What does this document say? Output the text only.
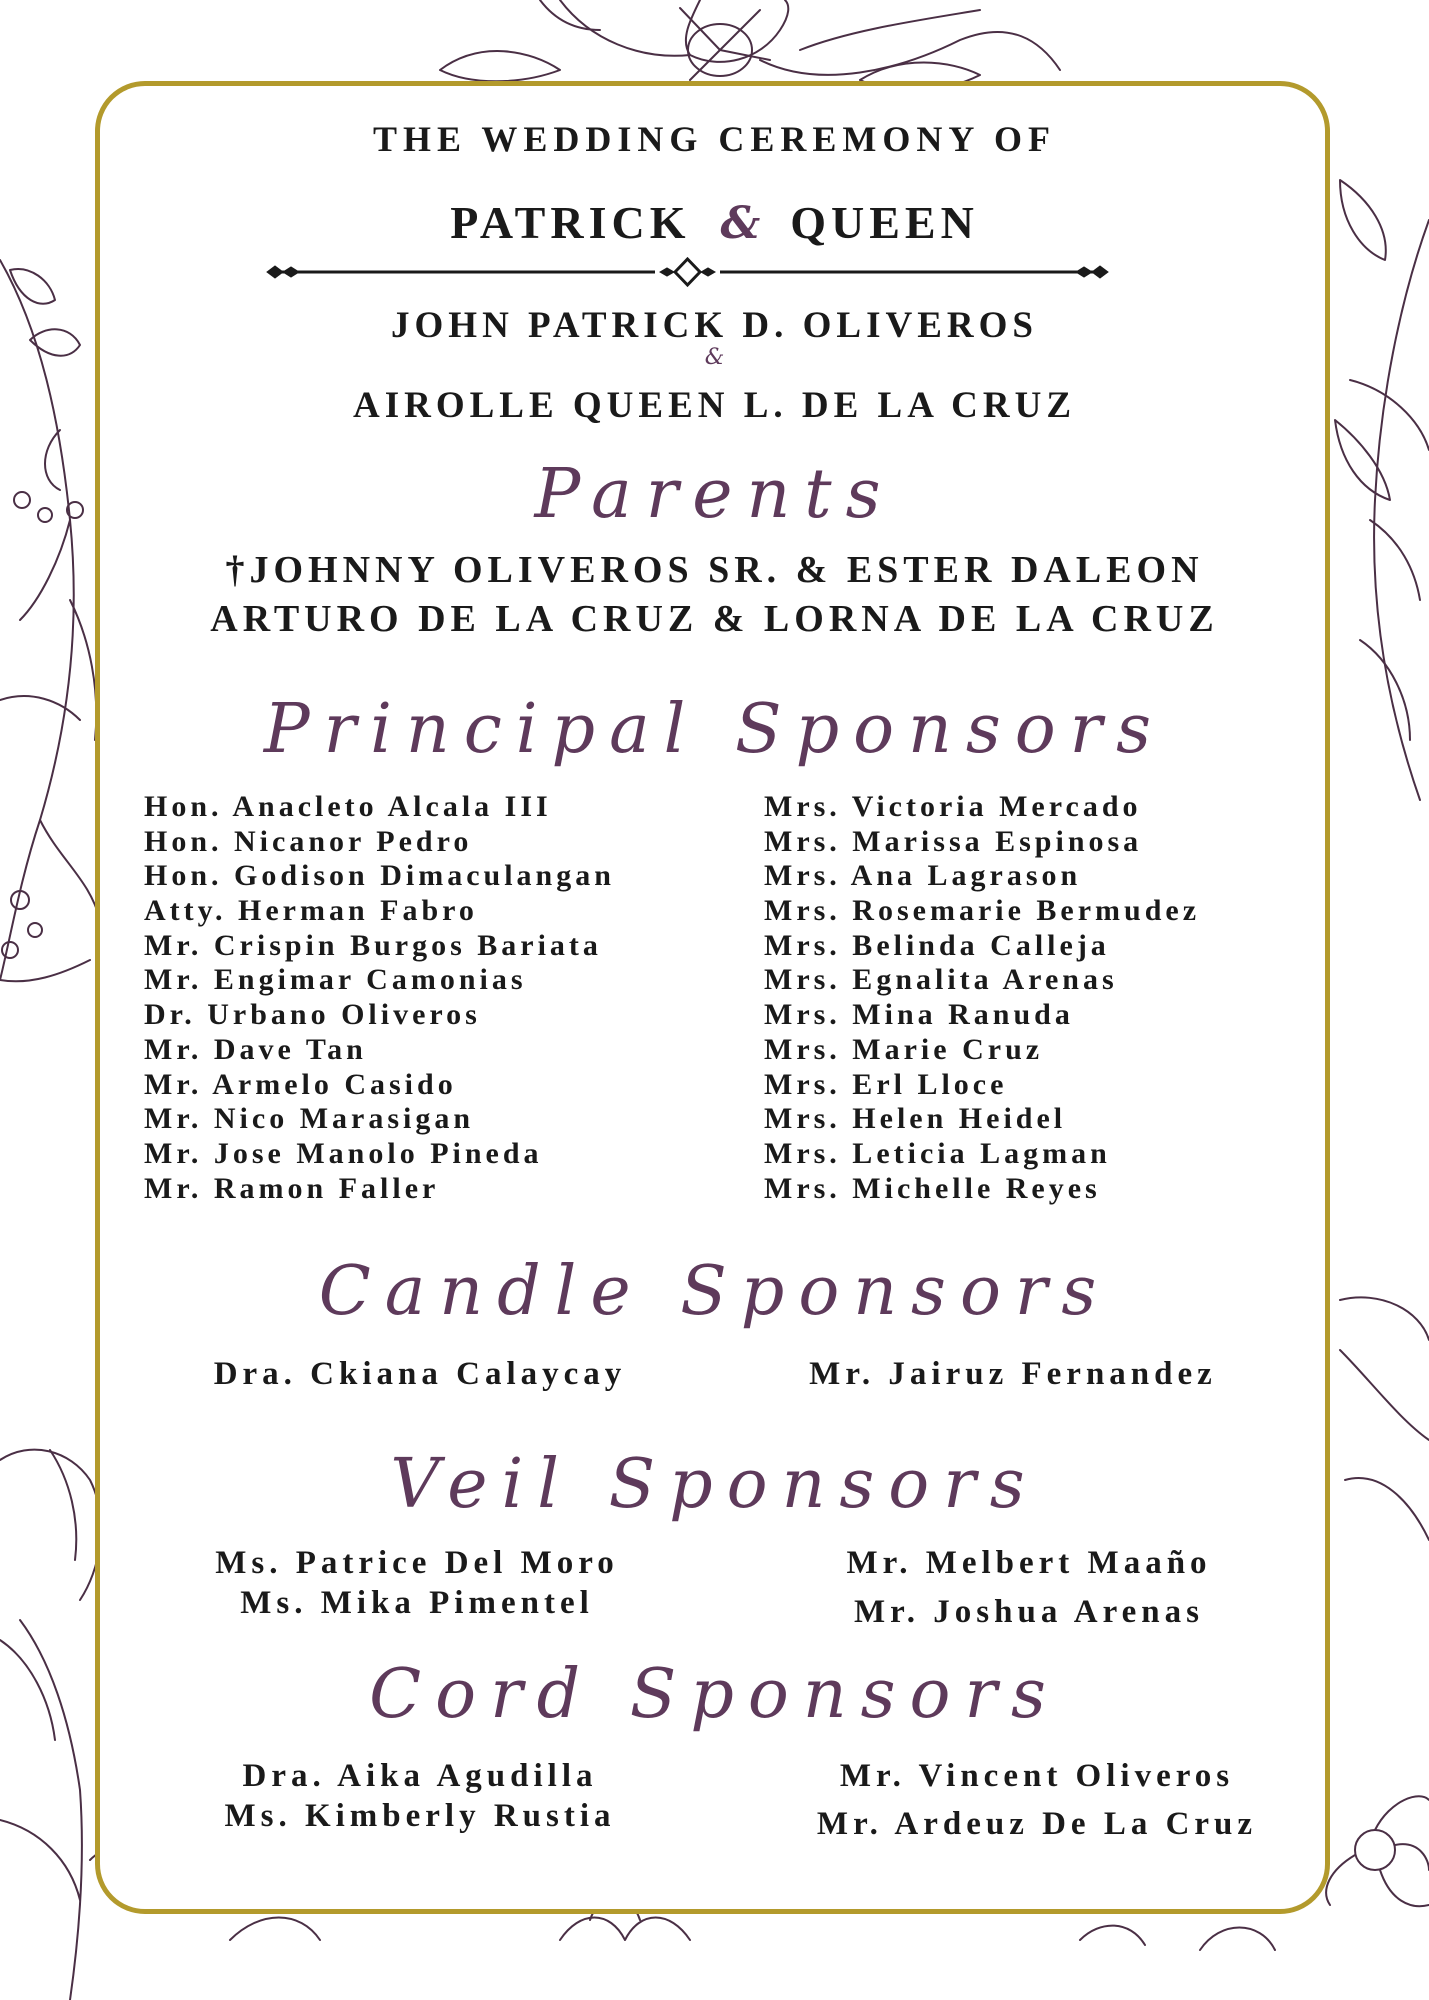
THE WEDDING CEREMONY OF
PATRICK & QUEEN
JOHN PATRICK D. OLIVEROS
&
AIROLLE QUEEN L. DE LA CRUZ
Parents
†JOHNNY OLIVEROS SR. & ESTER DALEON
ARTURO DE LA CRUZ & LORNA DE LA CRUZ
Principal Sponsors
Hon. Anacleto Alcala III
Hon. Nicanor Pedro
Hon. Godison Dimaculangan
Atty. Herman Fabro
Mr. Crispin Burgos Bariata
Mr. Engimar Camonias
Dr. Urbano Oliveros
Mr. Dave Tan
Mr. Armelo Casido
Mr. Nico Marasigan
Mr. Jose Manolo Pineda
Mr. Ramon Faller
Mrs. Victoria Mercado
Mrs. Marissa Espinosa
Mrs. Ana Lagrason
Mrs. Rosemarie Bermudez
Mrs. Belinda Calleja
Mrs. Egnalita Arenas
Mrs. Mina Ranuda
Mrs. Marie Cruz
Mrs. Erl Lloce
Mrs. Helen Heidel
Mrs. Leticia Lagman
Mrs. Michelle Reyes
Candle Sponsors
Dra. Ckiana Calaycay	Mr. Jairuz Fernandez
Veil Sponsors
Ms. Patrice Del Moro
Ms. Mika Pimentel
Mr. Melbert Maaño
Mr. Joshua Arenas
Cord Sponsors
Dra. Aika Agudilla
Ms. Kimberly Rustia
Mr. Vincent Oliveros
Mr. Ardeuz De La Cruz
